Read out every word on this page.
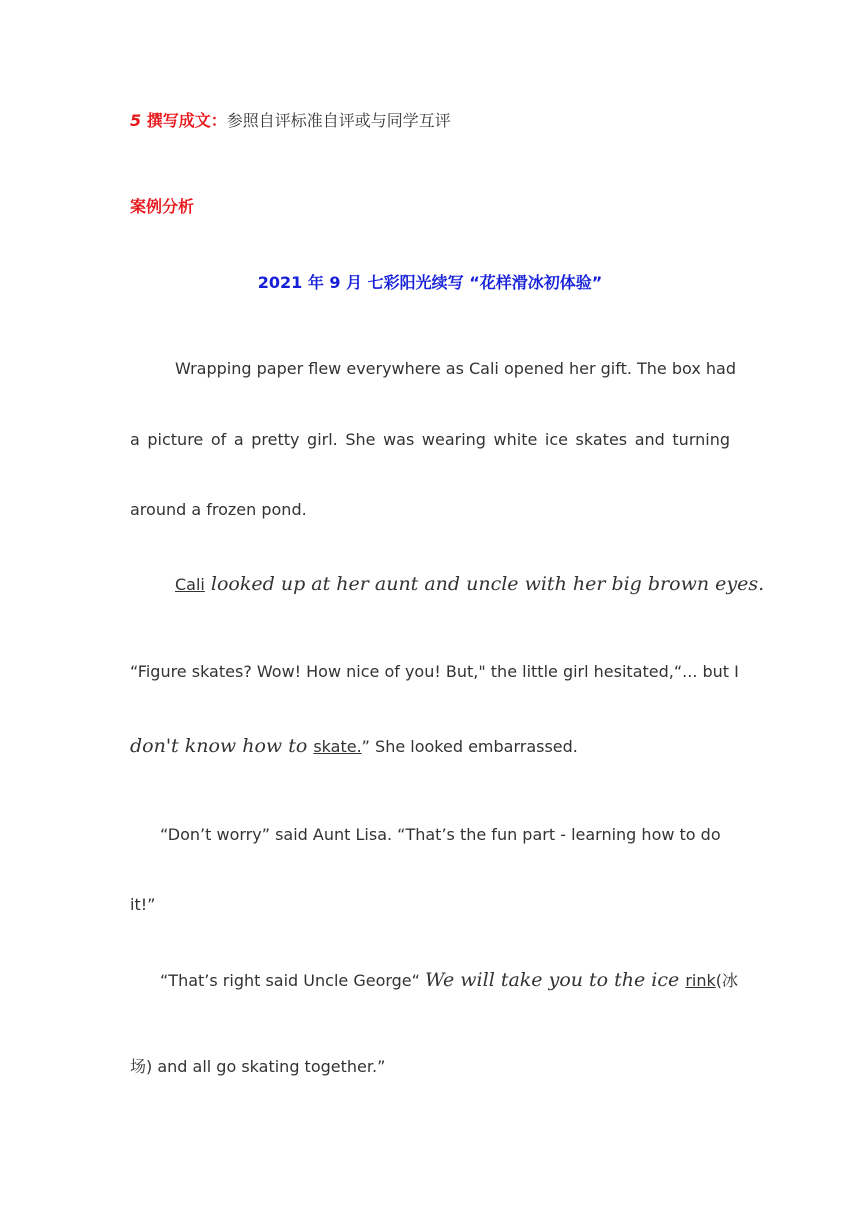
5 撰写成文：参照自评标准自评或与同学互评
案例分析
2021 年 9 月 七彩阳光续写 “花样滑冰初体验”
Wrapping paper flew everywhere as Cali opened her gift. The box had
a picture of a pretty girl. She was wearing white ice skates and turning
around a frozen pond.
Cali looked up at her aunt and uncle with her big brown eyes.
“Figure skates? Wow! How nice of you! But," the little girl hesitated,“... but I
don't know how to skate.” She looked embarrassed.
“Don’t worry” said Aunt Lisa. “That’s the fun part - learning how to do
it!”
“That’s right said Uncle George“ We will take you to the ice rink(冰
场) and all go skating together.”
